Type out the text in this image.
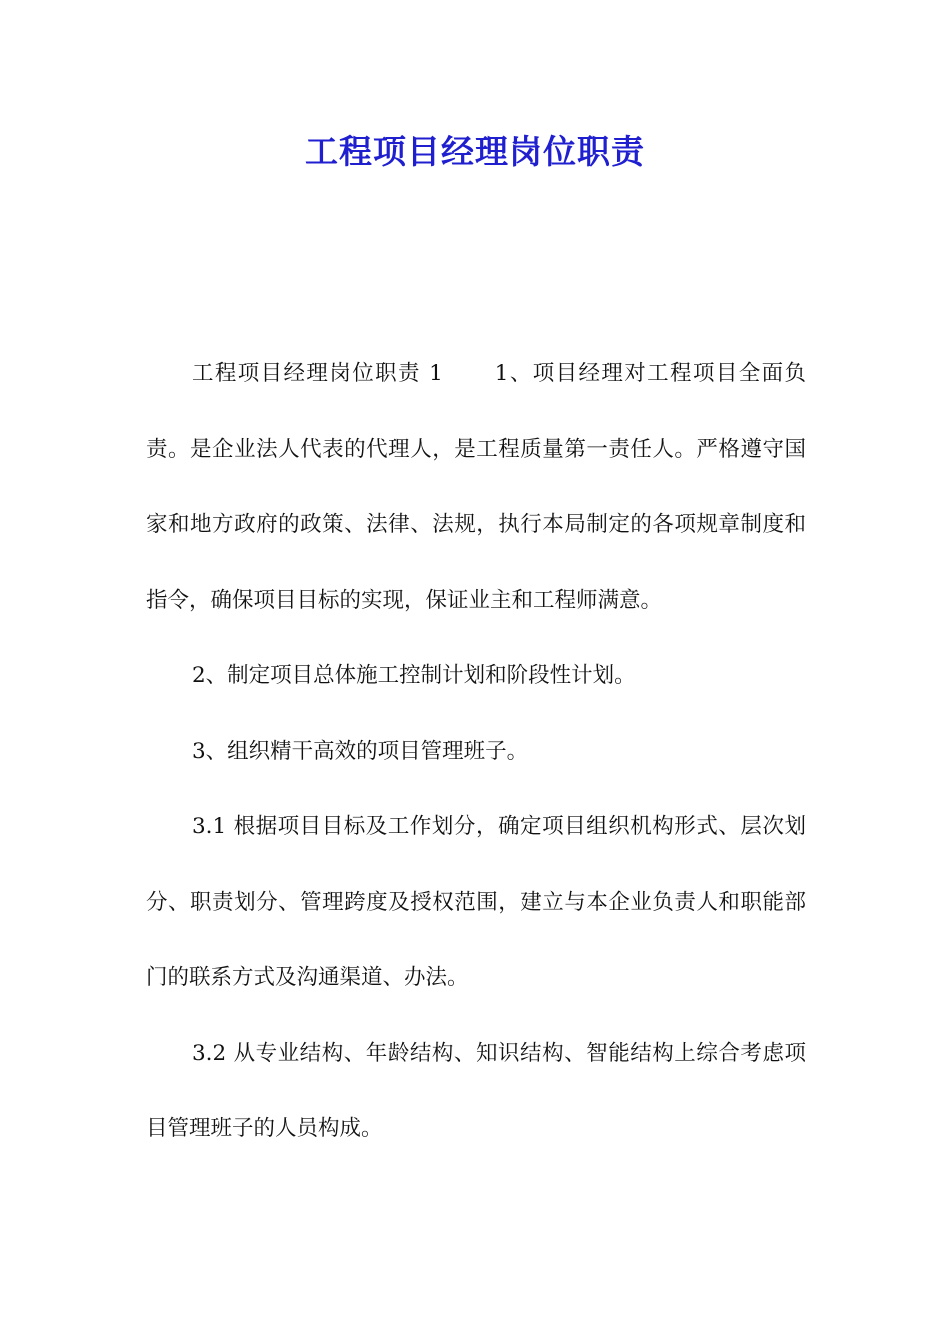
工程项目经理岗位职责

工程项目经理岗位职责 1 1、项目经理对工程项目全面负责。是企业法人代表的代理人，是工程质量第一责任人。严格遵守国家和地方政府的政策、法律、法规，执行本局制定的各项规章制度和指令，确保项目目标的实现，保证业主和工程师满意。

2、制定项目总体施工控制计划和阶段性计划。

3、组织精干高效的项目管理班子。

3.1 根据项目目标及工作划分，确定项目组织机构形式、层次划分、职责划分、管理跨度及授权范围，建立与本企业负责人和职能部门的联系方式及沟通渠道、办法。

3.2 从专业结构、年龄结构、知识结构、智能结构上综合考虑项目管理班子的人员构成。
